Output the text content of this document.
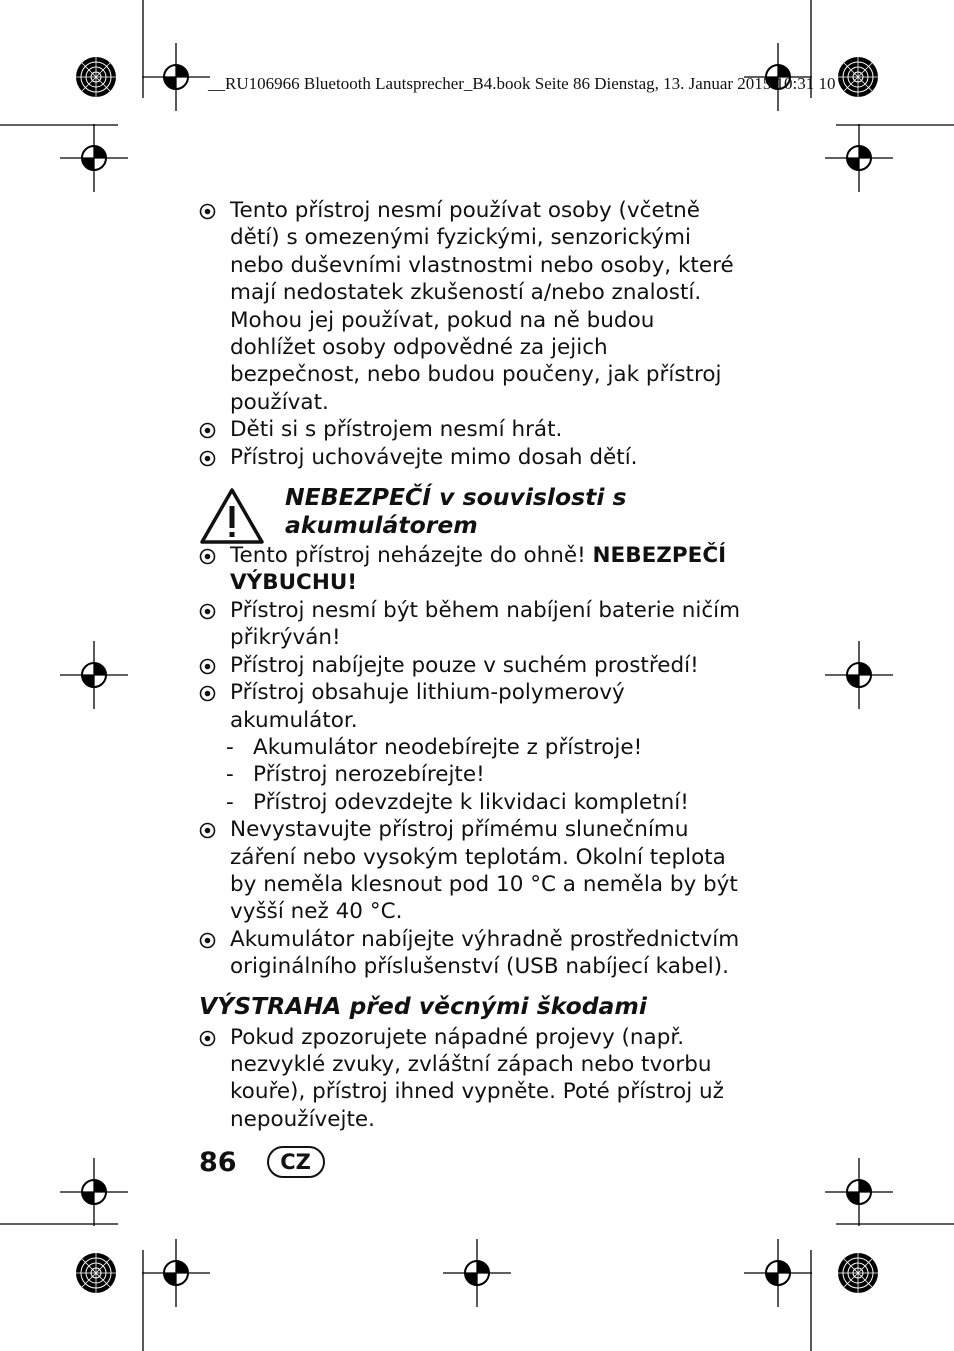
__RU106966 Bluetooth Lautsprecher_B4.book Seite 86 Dienstag, 13. Januar 2015 10:31 10
Tento přístroj nesmí používat osoby (včetně dětí) s omezenými fyzickými, senzorickými nebo duševními vlastnostmi nebo osoby, které mají nedostatek zkušeností a/nebo znalostí. Mohou jej používat, pokud na ně budou dohlížet osoby odpovědné za jejich bezpečnost, nebo budou poučeny, jak přístroj používat.
Děti si s přístrojem nesmí hrát.
Přístroj uchovávejte mimo dosah dětí.
NEBEZPEČÍ v souvislosti s
akumulátorem
Tento přístroj neházejte do ohně! NEBEZPEČÍ VÝBUCHU!
Přístroj nesmí být během nabíjení baterie ničím přikrýván!
Přístroj nabíjejte pouze v suchém prostředí!
Přístroj obsahuje lithium-polymerový akumulátor.
- Akumulátor neodebírejte z přístroje!
- Přístroj nerozebírejte!
- Přístroj odevzdejte k likvidaci kompletní!
Nevystavujte přístroj přímému slunečnímu záření nebo vysokým teplotám. Okolní teplota by neměla klesnout pod 10 °C a neměla by být vyšší než 40 °C.
Akumulátor nabíjejte výhradně prostřednictvím originálního příslušenství (USB nabíjecí kabel).
VÝSTRAHA před věcnými škodami
Pokud zpozorujete nápadné projevy (např. nezvyklé zvuky, zvláštní zápach nebo tvorbu kouře), přístroj ihned vypněte. Poté přístroj už nepoužívejte.
86	CZ
